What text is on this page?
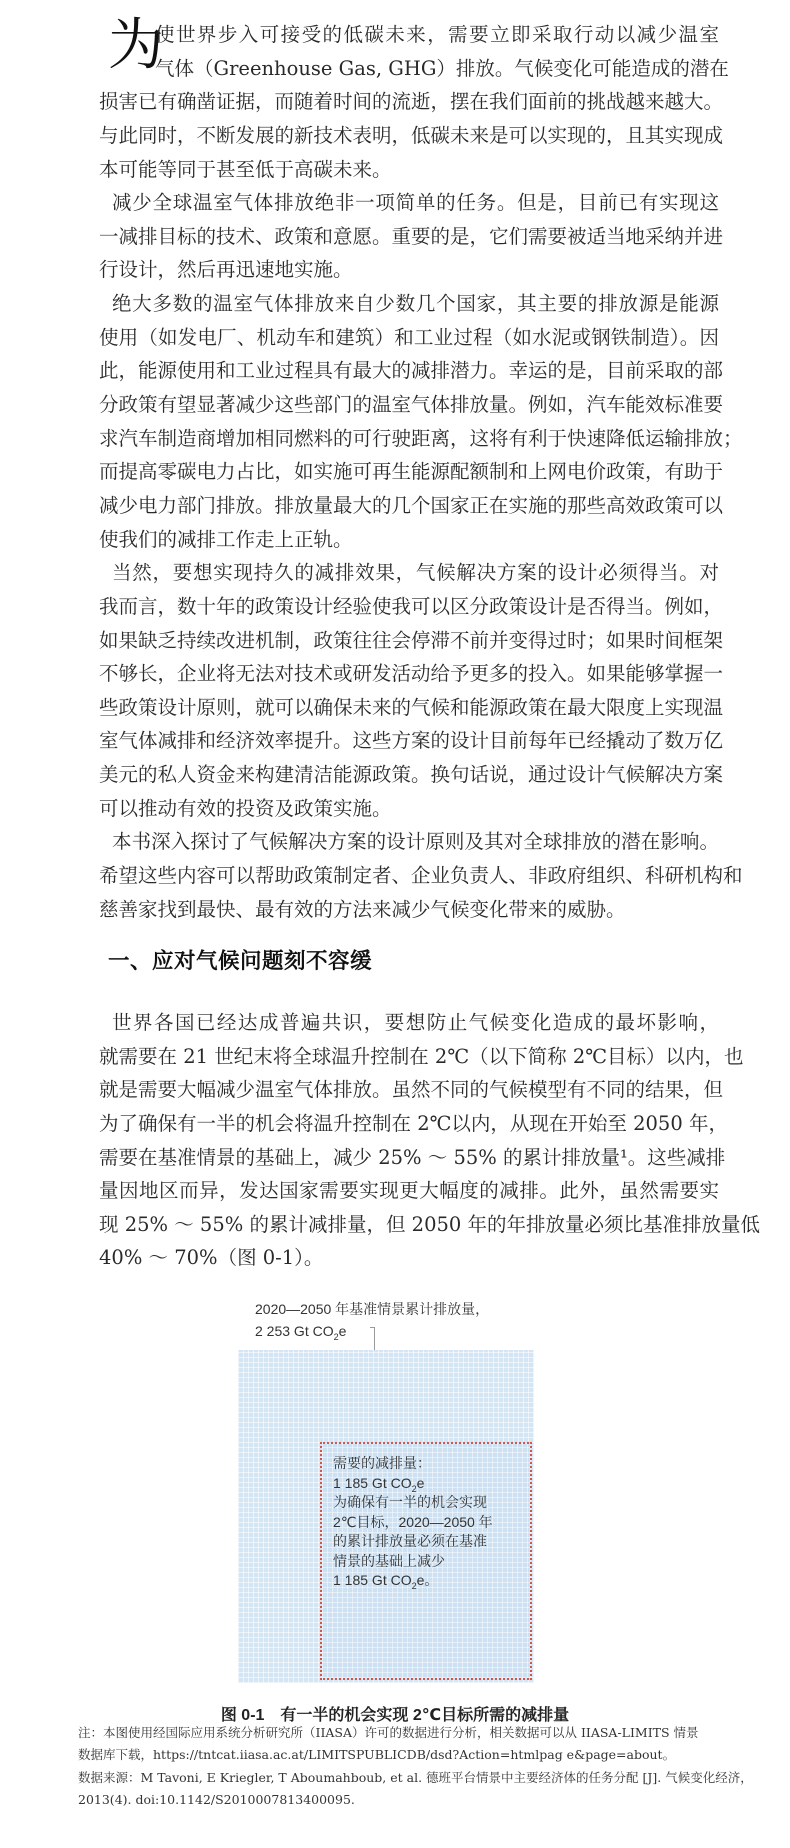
为
使世界步入可接受的低碳未来，需要立即采取行动以减少温室
气体（Greenhouse Gas, GHG）排放。气候变化可能造成的潜在
损害已有确凿证据，而随着时间的流逝，摆在我们面前的挑战越来越大。
与此同时，不断发展的新技术表明，低碳未来是可以实现的，且其实现成
本可能等同于甚至低于高碳未来。
减少全球温室气体排放绝非一项简单的任务。但是，目前已有实现这
一减排目标的技术、政策和意愿。重要的是，它们需要被适当地采纳并进
行设计，然后再迅速地实施。
绝大多数的温室气体排放来自少数几个国家，其主要的排放源是能源
使用（如发电厂、机动车和建筑）和工业过程（如水泥或钢铁制造）。因
此，能源使用和工业过程具有最大的减排潜力。幸运的是，目前采取的部
分政策有望显著减少这些部门的温室气体排放量。例如，汽车能效标准要
求汽车制造商增加相同燃料的可行驶距离，这将有利于快速降低运输排放；
而提高零碳电力占比，如实施可再生能源配额制和上网电价政策，有助于
减少电力部门排放。排放量最大的几个国家正在实施的那些高效政策可以
使我们的减排工作走上正轨。
当然，要想实现持久的减排效果，气候解决方案的设计必须得当。对
我而言，数十年的政策设计经验使我可以区分政策设计是否得当。例如，
如果缺乏持续改进机制，政策往往会停滞不前并变得过时；如果时间框架
不够长，企业将无法对技术或研发活动给予更多的投入。如果能够掌握一
些政策设计原则，就可以确保未来的气候和能源政策在最大限度上实现温
室气体减排和经济效率提升。这些方案的设计目前每年已经撬动了数万亿
美元的私人资金来构建清洁能源政策。换句话说，通过设计气候解决方案
可以推动有效的投资及政策实施。
本书深入探讨了气候解决方案的设计原则及其对全球排放的潜在影响。
希望这些内容可以帮助政策制定者、企业负责人、非政府组织、科研机构和
慈善家找到最快、最有效的方法来减少气候变化带来的威胁。
一、应对气候问题刻不容缓
世界各国已经达成普遍共识，要想防止气候变化造成的最坏影响，
就需要在 21 世纪末将全球温升控制在 2℃（以下简称 2℃目标）以内，也
就是需要大幅减少温室气体排放。虽然不同的气候模型有不同的结果，但
为了确保有一半的机会将温升控制在 2℃以内，从现在开始至 2050 年，
需要在基准情景的基础上，减少 25% ～ 55% 的累计排放量¹。这些减排
量因地区而异，发达国家需要实现更大幅度的减排。此外，虽然需要实
现 25% ～ 55% 的累计减排量，但 2050 年的年排放量必须比基准排放量低
40% ～ 70%（图 0-1）。
2020—2050 年基准情景累计排放量，
2 253 Gt $CO_2e$
需要的减排量：
1 185 Gt $CO_2e$
为确保有一半的机会实现
2℃目标，2020—2050 年
的累计排放量必须在基准
情景的基础上减少
1 185 Gt $CO_2e$。
图 0-1　有一半的机会实现 2℃目标所需的减排量
注：本图使用经国际应用系统分析研究所（IIASA）许可的数据进行分析，相关数据可以从 IIASA-LIMITS 情景
数据库下载，https://tntcat.iiasa.ac.at/LIMITSPUBLICDB/dsd?Action=htmlpag e&page=about。
数据来源：M Tavoni, E Kriegler, T Aboumahboub, et al. 德班平台情景中主要经济体的任务分配 [J]. 气候变化经济，
2013(4). doi:10.1142/S2010007813400095.
